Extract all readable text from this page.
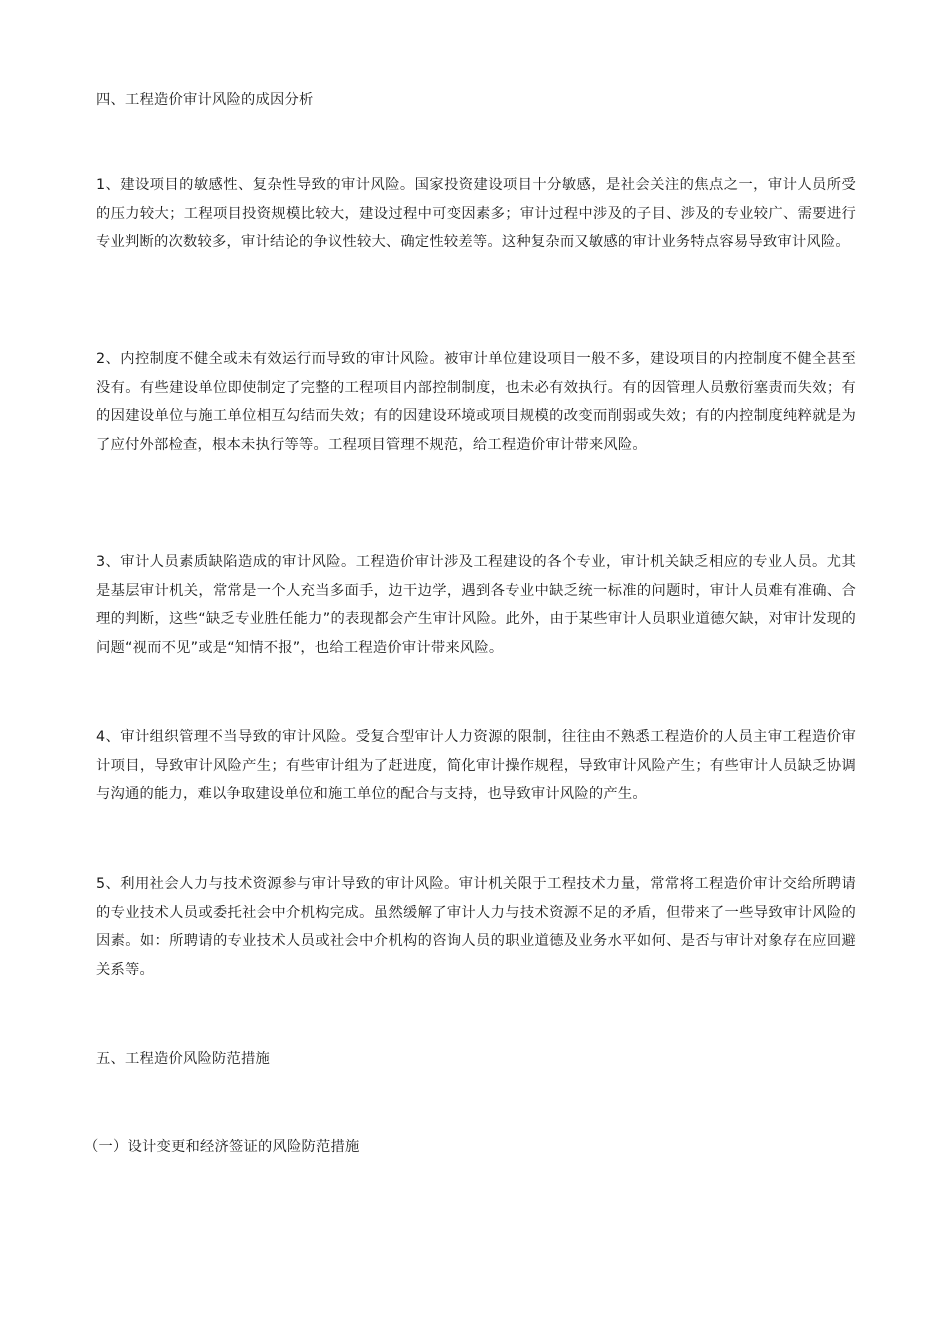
四、工程造价审计风险的成因分析

1、建设项目的敏感性、复杂性导致的审计风险。国家投资建设项目十分敏感，是社会关注的焦点之一，审计人员所受的压力较大；工程项目投资规模比较大，建设过程中可变因素多；审计过程中涉及的子目、涉及的专业较广、需要进行专业判断的次数较多，审计结论的争议性较大、确定性较差等。这种复杂而又敏感的审计业务特点容易导致审计风险。

2、内控制度不健全或未有效运行而导致的审计风险。被审计单位建设项目一般不多，建设项目的内控制度不健全甚至没有。有些建设单位即使制定了完整的工程项目内部控制制度，也未必有效执行。有的因管理人员敷衍塞责而失效；有的因建设单位与施工单位相互勾结而失效；有的因建设环境或项目规模的改变而削弱或失效；有的内控制度纯粹就是为了应付外部检查，根本未执行等等。工程项目管理不规范，给工程造价审计带来风险。

3、审计人员素质缺陷造成的审计风险。工程造价审计涉及工程建设的各个专业，审计机关缺乏相应的专业人员。尤其是基层审计机关，常常是一个人充当多面手，边干边学，遇到各专业中缺乏统一标准的问题时，审计人员难有准确、合理的判断，这些“缺乏专业胜任能力”的表现都会产生审计风险。此外，由于某些审计人员职业道德欠缺，对审计发现的问题“视而不见”或是“知情不报”，也给工程造价审计带来风险。

4、审计组织管理不当导致的审计风险。受复合型审计人力资源的限制，往往由不熟悉工程造价的人员主审工程造价审计项目，导致审计风险产生；有些审计组为了赶进度，简化审计操作规程，导致审计风险产生；有些审计人员缺乏协调与沟通的能力，难以争取建设单位和施工单位的配合与支持，也导致审计风险的产生。

5、利用社会人力与技术资源参与审计导致的审计风险。审计机关限于工程技术力量，常常将工程造价审计交给所聘请的专业技术人员或委托社会中介机构完成。虽然缓解了审计人力与技术资源不足的矛盾，但带来了一些导致审计风险的因素。如：所聘请的专业技术人员或社会中介机构的咨询人员的职业道德及业务水平如何、是否与审计对象存在应回避关系等。

五、工程造价风险防范措施

（一）设计变更和经济签证的风险防范措施
